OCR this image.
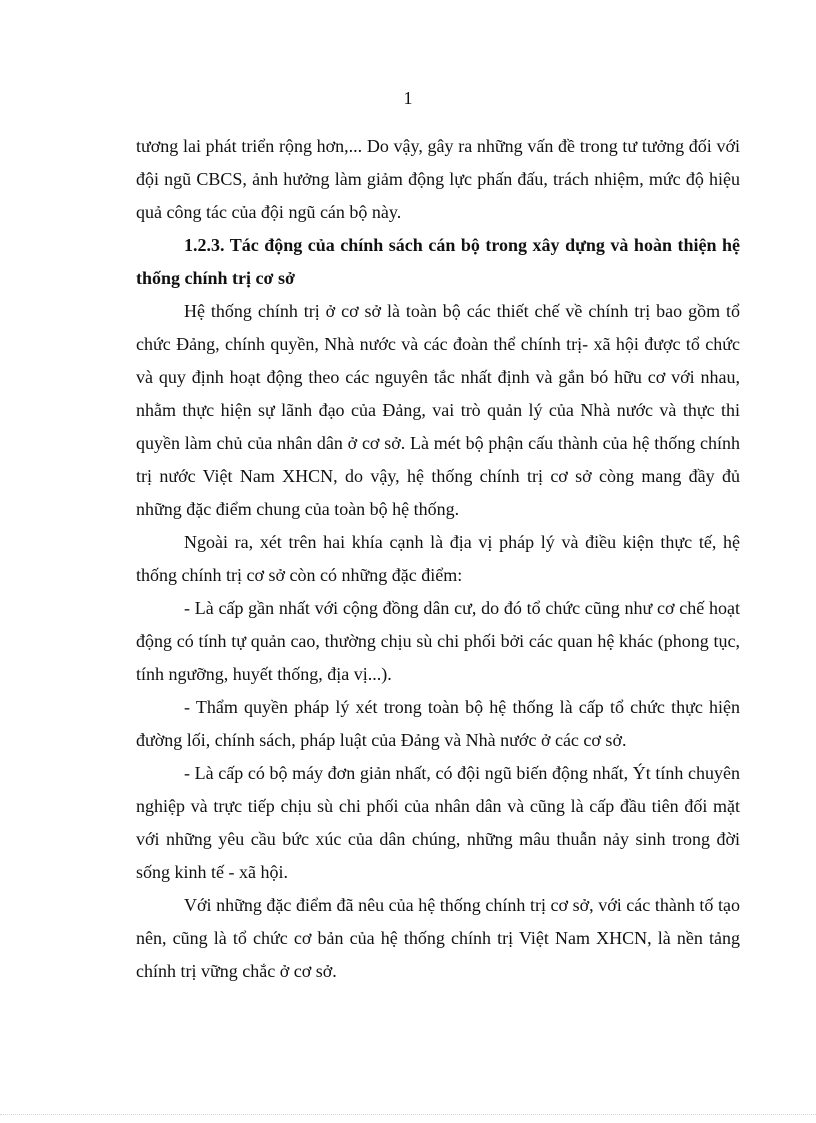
1

tương lai phát triển rộng hơn,... Do vậy, gây ra những vấn đề trong tư tưởng đối với đội ngũ CBCS, ảnh hưởng làm giảm động lực phấn đấu, trách nhiệm, mức độ hiệu quả công tác của đội ngũ cán bộ này.

1.2.3. Tác động của chính sách cán bộ trong xây dựng và hoàn thiện hệ thống chính trị cơ sở

Hệ thống chính trị ở cơ sở là toàn bộ các thiết chế về chính trị bao gồm tổ chức Đảng, chính quyền, Nhà nước và các đoàn thể chính trị- xã hội được tổ chức và quy định hoạt động theo các nguyên tắc nhất định và gắn bó hữu cơ với nhau, nhằm thực hiện sự lãnh đạo của Đảng, vai trò quản lý của Nhà nước và thực thi quyền làm chủ của nhân dân ở cơ sở. Là mét bộ phận cấu thành của hệ thống chính trị nước Việt Nam XHCN, do vậy, hệ thống chính trị cơ sở còng mang đầy đủ những đặc điểm chung của toàn bộ hệ thống.

Ngoài ra, xét trên hai khía cạnh là địa vị pháp lý và điều kiện thực tế, hệ thống chính trị cơ sở còn có những đặc điểm:

- Là cấp gần nhất với cộng đồng dân cư, do đó tổ chức cũng như cơ chế hoạt động có tính tự quản cao, thường chịu sù chi phối bởi các quan hệ khác (phong tục, tính ngưỡng, huyết thống, địa vị...).

- Thẩm quyền pháp lý xét trong toàn bộ hệ thống là cấp tổ chức thực hiện đường lối, chính sách, pháp luật của Đảng và Nhà nước ở các cơ sở.

- Là cấp có bộ máy đơn giản nhất, có đội ngũ biến động nhất, Ýt tính chuyên nghiệp và trực tiếp chịu sù chi phối của nhân dân và cũng là cấp đầu tiên đối mặt với những yêu cầu bức xúc của dân chúng, những mâu thuẫn nảy sinh trong đời sống kinh tế - xã hội.

Với những đặc điểm đã nêu của hệ thống chính trị cơ sở, với các thành tố tạo nên, cũng là tổ chức cơ bản của hệ thống chính trị Việt Nam XHCN, là nền tảng chính trị vững chắc ở cơ sở.
